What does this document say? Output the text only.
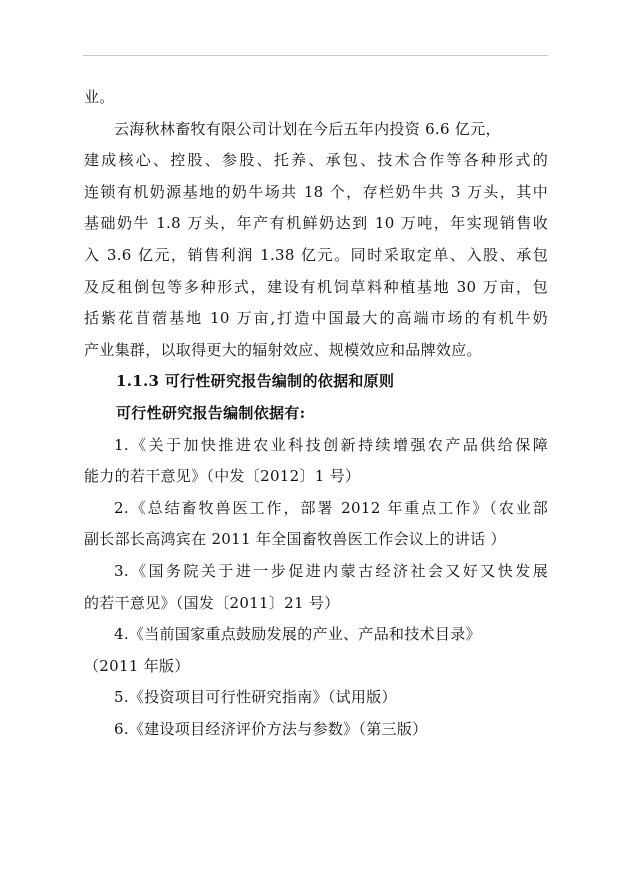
业。
云海秋林畜牧有限公司计划在今后五年内投资 6.6 亿元，
建成核心、控股、参股、托养、承包、技术合作等各种形式的
连锁有机奶源基地的奶牛场共 18 个，存栏奶牛共 3 万头，其中
基础奶牛 1.8 万头，年产有机鲜奶达到 10 万吨，年实现销售收
入 3.6 亿元，销售利润 1.38 亿元。同时采取定单、入股、承包
及反租倒包等多种形式，建设有机饲草料种植基地 30 万亩，包
括紫花苜蓿基地 10 万亩,打造中国最大的高端市场的有机牛奶
产业集群，以取得更大的辐射效应、规模效应和品牌效应。
1.1.3 可行性研究报告编制的依据和原则
可行性研究报告编制依据有:
1.《关于加快推进农业科技创新持续增强农产品供给保障
能力的若干意见》（中发〔2012〕1 号）
2.《总结畜牧兽医工作，部署 2012 年重点工作》（农业部
副长部长高鸿宾在 2011 年全国畜牧兽医工作会议上的讲话 ）
3.《国务院关于进一步促进内蒙古经济社会又好又快发展
的若干意见》（国发〔2011〕21 号）
4.《当前国家重点鼓励发展的产业、产品和技术目录》
（2011 年版）
5.《投资项目可行性研究指南》（试用版）
6.《建设项目经济评价方法与参数》（第三版）
